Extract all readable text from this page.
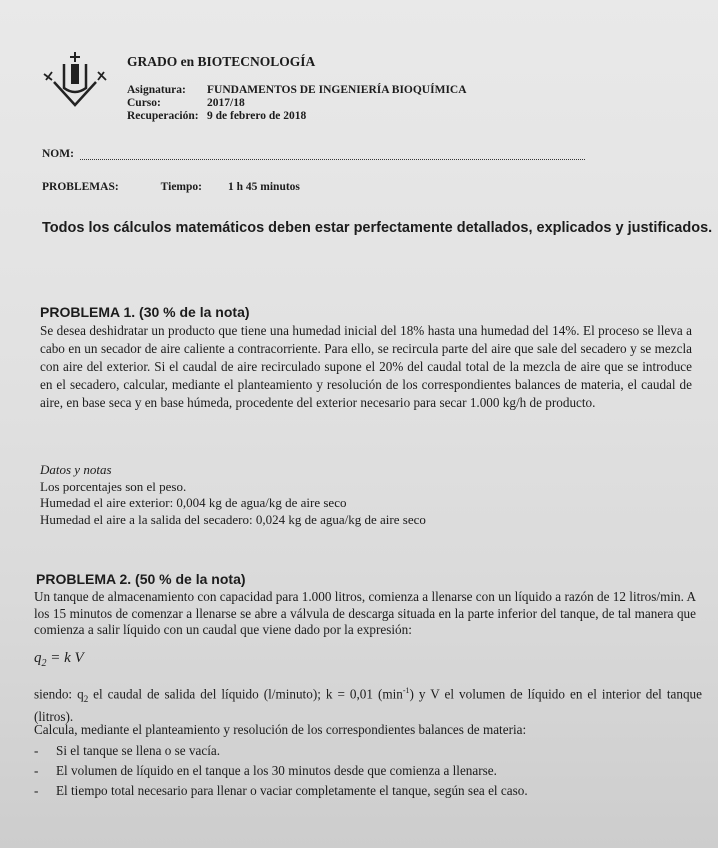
GRADO en BIOTECNOLOGÍA
Asignatura:	FUNDAMENTOS DE INGENIERÍA BIOQUÍMICA
Curso:	2017/18
Recuperación: 9 de febrero de 2018
NOM:
PROBLEMAS:	Tiempo: 1 h 45 minutos
Todos los cálculos matemáticos deben estar perfectamente detallados, explicados y justificados.
PROBLEMA 1. (30 % de la nota)
Se desea deshidratar un producto que tiene una humedad inicial del 18% hasta una humedad del 14%. El proceso se lleva a cabo en un secador de aire caliente a contracorriente. Para ello, se recircula parte del aire que sale del secadero y se mezcla con aire del exterior. Si el caudal de aire recirculado supone el 20% del caudal total de la mezcla de aire que se introduce en el secadero, calcular, mediante el planteamiento y resolución de los correspondientes balances de materia, el caudal de aire, en base seca y en base húmeda, procedente del exterior necesario para secar 1.000 kg/h de producto.
Datos y notas
Los porcentajes son el peso.
Humedad el aire exterior: 0,004 kg de agua/kg de aire seco
Humedad el aire a la salida del secadero: 0,024 kg de agua/kg de aire seco
PROBLEMA 2. (50 % de la nota)
Un tanque de almacenamiento con capacidad para 1.000 litros, comienza a llenarse con un líquido a razón de 12 litros/min. A los 15 minutos de comenzar a llenarse se abre a válvula de descarga situada en la parte inferior del tanque, de tal manera que comienza a salir líquido con un caudal que viene dado por la expresión:
$q_2 = k$ V
siendo: $q_2$ el caudal de salida del líquido (l/minuto); k = 0,01 $(\min^{-1})$ y V el volumen de líquido en el interior del tanque (litros).
Calcula, mediante el planteamiento y resolución de los correspondientes balances de materia:
-	Si el tanque se llena o se vacía.
-	El volumen de líquido en el tanque a los 30 minutos desde que comienza a llenarse.
-	El tiempo total necesario para llenar o vaciar completamente el tanque, según sea el caso.
